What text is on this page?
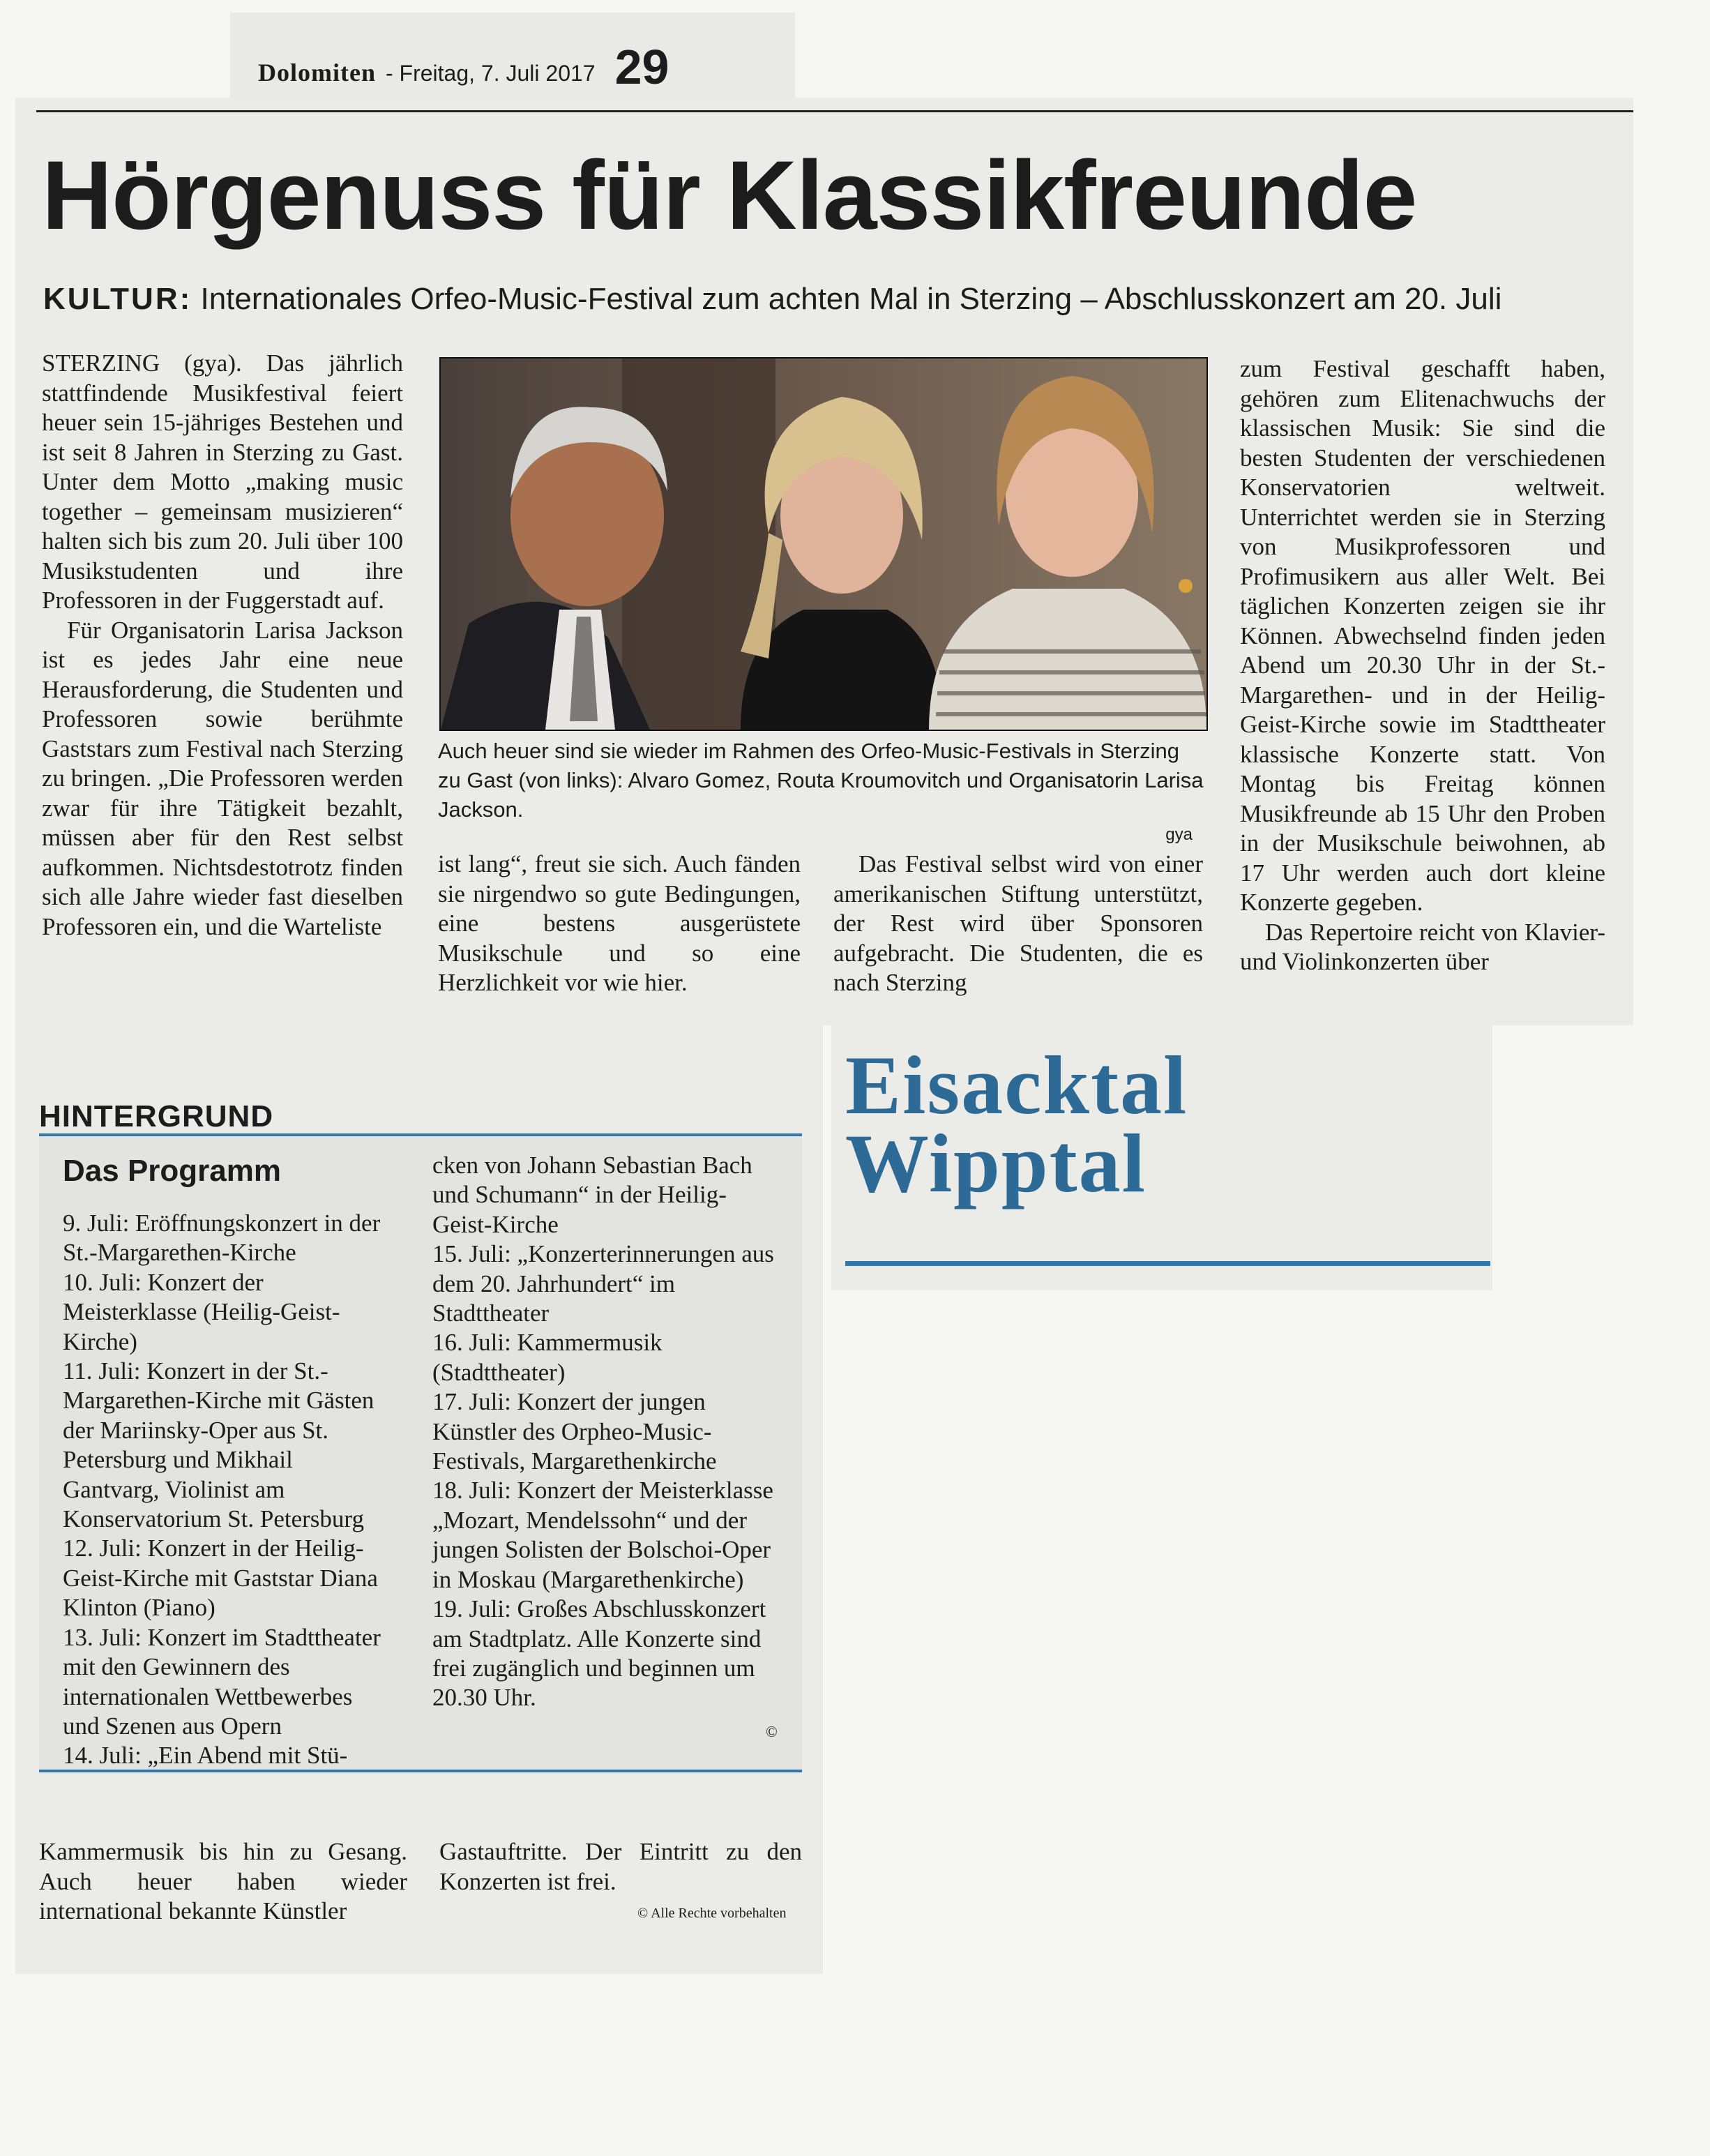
Dolomiten - Freitag, 7. Juli 2017 29
Hörgenuss für Klassikfreunde

KULTUR: Internationales Orfeo-Music-Festival zum achten Mal in Sterzing – Abschlusskonzert am 20. Juli

STERZING (gya). Das jährlich stattfindende Musikfestival feiert heuer sein 15-jähriges Bestehen und ist seit 8 Jahren in Sterzing zu Gast. Unter dem Motto „making music together – gemeinsam musizieren“ halten sich bis zum 20. Juli über 100 Musikstudenten und ihre Professoren in der Fuggerstadt auf.

Für Organisatorin Larisa Jackson ist es jedes Jahr eine neue Herausforderung, die Studenten und Professoren sowie berühmte Gaststars zum Festival nach Sterzing zu bringen. „Die Professoren werden zwar für ihre Tätigkeit bezahlt, müssen aber für den Rest selbst aufkommen. Nichtsdestotrotz finden sich alle Jahre wieder fast dieselben Professoren ein, und die Warteliste

Auch heuer sind sie wieder im Rahmen des Orfeo-Music-Festivals in Sterzing zu Gast (von links): Alvaro Gomez, Routa Kroumovitch und Organisatorin Larisa Jackson.
gya

ist lang“, freut sie sich. Auch fänden sie nirgendwo so gute Bedingungen, eine bestens ausgerüstete Musikschule und so eine Herzlichkeit vor wie hier.

Das Festival selbst wird von einer amerikanischen Stiftung unterstützt, der Rest wird über Sponsoren aufgebracht. Die Studenten, die es nach Sterzing

zum Festival geschafft haben, gehören zum Elitenachwuchs der klassischen Musik: Sie sind die besten Studenten der verschiedenen Konservatorien weltweit. Unterrichtet werden sie in Sterzing von Musikprofessoren und Profimusikern aus aller Welt. Bei täglichen Konzerten zeigen sie ihr Können. Abwechselnd finden jeden Abend um 20.30 Uhr in der St.-Margarethen- und in der Heilig-Geist-Kirche sowie im Stadttheater klassische Konzerte statt. Von Montag bis Freitag können Musikfreunde ab 15 Uhr den Proben in der Musikschule beiwohnen, ab 17 Uhr werden auch dort kleine Konzerte gegeben.

Das Repertoire reicht von Klavier- und Violinkonzerten über

Eisacktal
Wipptal
HINTERGRUND
Das Programm
9. Juli: Eröffnungskonzert in der St.-Margarethen-Kirche
10. Juli: Konzert der Meisterklasse (Heilig-Geist-Kirche)
11. Juli: Konzert in der St.-Margarethen-Kirche mit Gästen der Mariinsky-Oper aus St. Petersburg und Mikhail Gantvarg, Violinist am Konservatorium St. Petersburg
12. Juli: Konzert in der Heilig-Geist-Kirche mit Gaststar Diana Klinton (Piano)
13. Juli: Konzert im Stadttheater mit den Gewinnern des internationalen Wettbewerbes und Szenen aus Opern
14. Juli: „Ein Abend mit Stü-
cken von Johann Sebastian Bach und Schumann“ in der Heilig-Geist-Kirche
15. Juli: „Konzerterinnerungen aus dem 20. Jahrhundert“ im Stadttheater
16. Juli: Kammermusik (Stadttheater)
17. Juli: Konzert der jungen Künstler des Orpheo-Music-Festivals, Margarethenkirche
18. Juli: Konzert der Meisterklasse „Mozart, Mendelssohn“ und der jungen Solisten der Bolschoi-Oper in Moskau (Margarethenkirche)
19. Juli: Großes Abschlusskonzert am Stadtplatz. Alle Konzerte sind frei zugänglich und beginnen um 20.30 Uhr.
©

Kammermusik bis hin zu Gesang. Auch heuer haben wieder international bekannte Künstler

Gastauftritte. Der Eintritt zu den Konzerten ist frei.

© Alle Rechte vorbehalten
